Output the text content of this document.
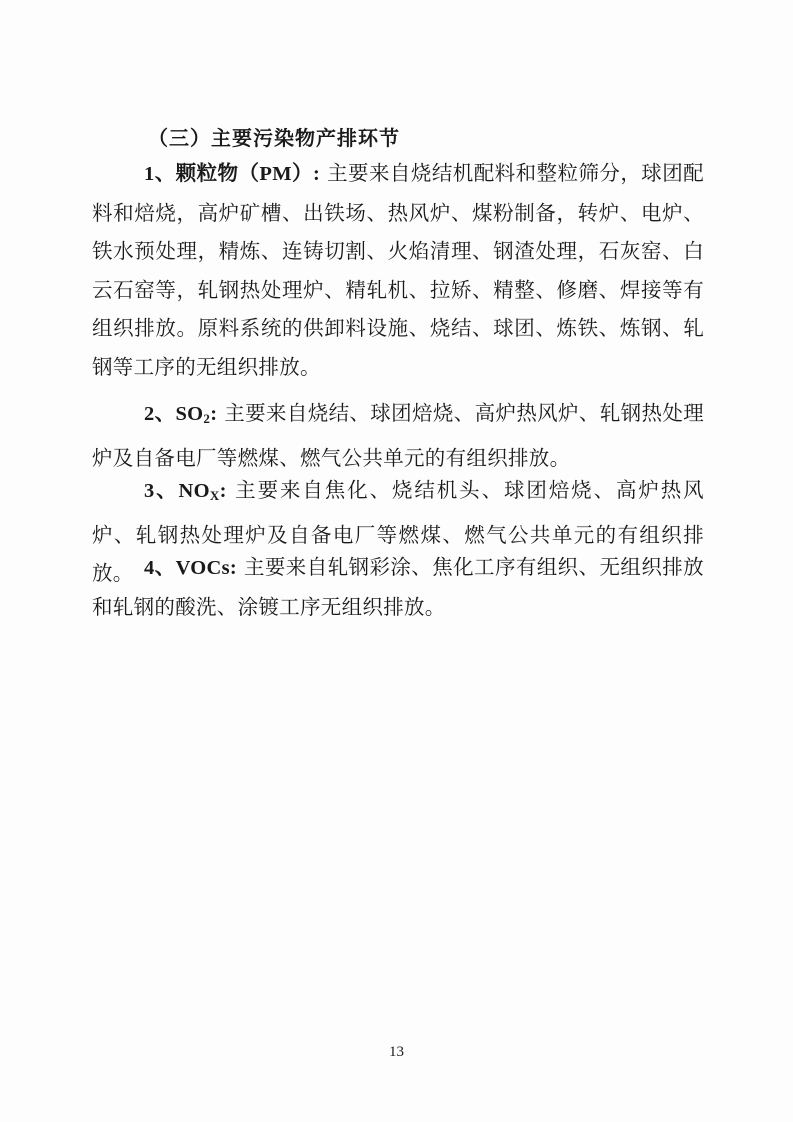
（三）主要污染物产排环节
1、颗粒物（PM）: 主要来自烧结机配料和整粒筛分，球团配料和焙烧，高炉矿槽、出铁场、热风炉、煤粉制备，转炉、电炉、铁水预处理，精炼、连铸切割、火焰清理、钢渣处理，石灰窑、白云石窑等，轧钢热处理炉、精轧机、拉矫、精整、修磨、焊接等有组织排放。原料系统的供卸料设施、烧结、球团、炼铁、炼钢、轧钢等工序的无组织排放。
2、$SO_2$: 主要来自烧结、球团焙烧、高炉热风炉、轧钢热处理炉及自备电厂等燃煤、燃气公共单元的有组织排放。
3、$NO_X$: 主要来自焦化、烧结机头、球团焙烧、高炉热风炉、轧钢热处理炉及自备电厂等燃煤、燃气公共单元的有组织排放。 4、VOCs: 主要来自轧钢彩涂、焦化工序有组织、无组织排放和轧钢的酸洗、涂镀工序无组织排放。
13
